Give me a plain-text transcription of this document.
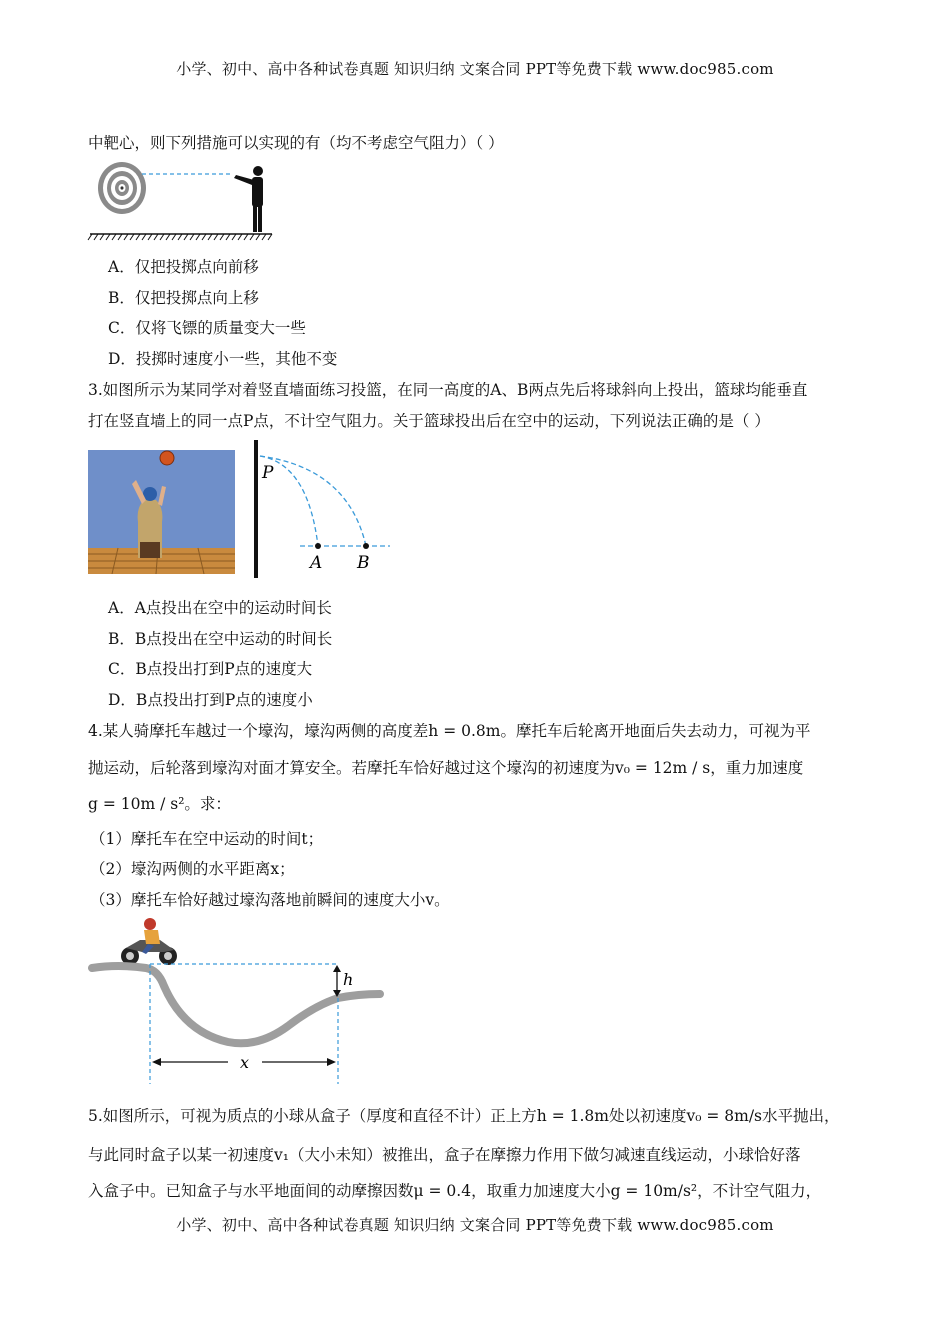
小学、初中、高中各种试卷真题 知识归纳 文案合同 PPT等免费下载 www.doc985.com
中靶心，则下列措施可以实现的有（均不考虑空气阻力）（ ）
A．仅把投掷点向前移
B．仅把投掷点向上移
C．仅将飞镖的质量变大一些
D．投掷时速度小一些，其他不变
3.如图所示为某同学对着竖直墙面练习投篮，在同一高度的A、B两点先后将球斜向上投出，篮球均能垂直
打在竖直墙上的同一点P点，不计空气阻力。关于篮球投出后在空中的运动，下列说法正确的是（ ）
P
A B
A．A点投出在空中的运动时间长
B．B点投出在空中运动的时间长
C．B点投出打到P点的速度大
D．B点投出打到P点的速度小
4.某人骑摩托车越过一个壕沟，壕沟两侧的高度差h = 0.8m。摩托车后轮离开地面后失去动力，可视为平
抛运动，后轮落到壕沟对面才算安全。若摩托车恰好越过这个壕沟的初速度为v₀ = 12m / s，重力加速度
g = 10m / s²。求：
（1）摩托车在空中运动的时间t；
（2）壕沟两侧的水平距离x；
（3）摩托车恰好越过壕沟落地前瞬间的速度大小v。
h
x
5.如图所示，可视为质点的小球从盒子（厚度和直径不计）正上方h = 1.8m处以初速度v₀ = 8m/s水平抛出，
与此同时盒子以某一初速度v₁（大小未知）被推出，盒子在摩擦力作用下做匀减速直线运动，小球恰好落
入盒子中。已知盒子与水平地面间的动摩擦因数μ = 0.4，取重力加速度大小g = 10m/s²，不计空气阻力，
小学、初中、高中各种试卷真题 知识归纳 文案合同 PPT等免费下载 www.doc985.com
